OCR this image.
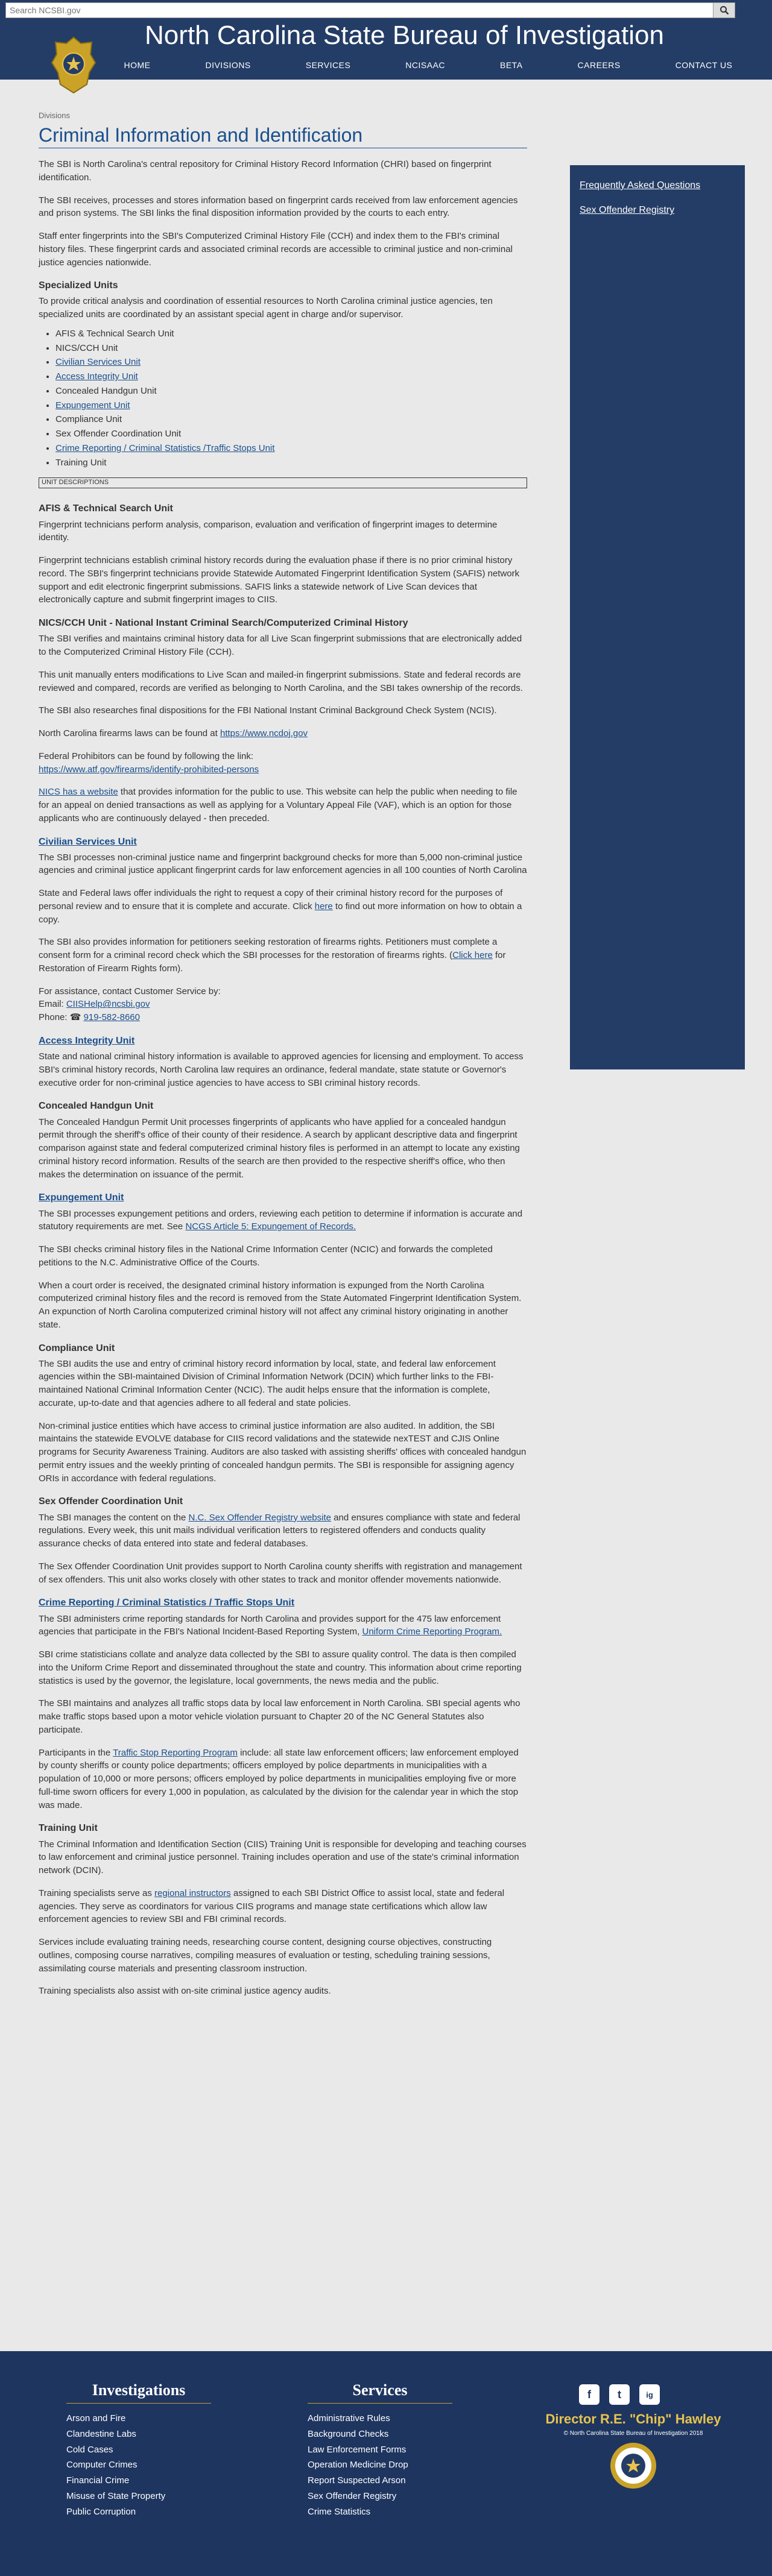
Search NCSBI.gov
North Carolina State Bureau of Investigation
HOME	DIVISIONS	SERVICES	NCISAAC	BETA	CAREERS	CONTACT US
Divisions
Criminal Information and Identification

The SBI is North Carolina's central repository for Criminal History Record Information (CHRI) based on fingerprint identification.

The SBI receives, processes and stores information based on fingerprint cards received from law enforcement agencies and prison systems. The SBI links the final disposition information provided by the courts to each entry.

Staff enter fingerprints into the SBI's Computerized Criminal History File (CCH) and index them to the FBI's criminal history files. These fingerprint cards and associated criminal records are accessible to criminal justice and non-criminal justice agencies nationwide.

Specialized Units

To provide critical analysis and coordination of essential resources to North Carolina criminal justice agencies, ten specialized units are coordinated by an assistant special agent in charge and/or supervisor.

• AFIS & Technical Search Unit
• NICS/CCH Unit
• Civilian Services Unit
• Access Integrity Unit
• Concealed Handgun Unit
• Expungement Unit
• Compliance Unit
• Sex Offender Coordination Unit
• Crime Reporting / Criminal Statistics /Traffic Stops Unit
• Training Unit
UNIT DESCRIPTIONS
AFIS & Technical Search Unit

Fingerprint technicians perform analysis, comparison, evaluation and verification of fingerprint images to determine identity.

Fingerprint technicians establish criminal history records during the evaluation phase if there is no prior criminal history record. The SBI's fingerprint technicians provide Statewide Automated Fingerprint Identification System (SAFIS) network support and edit electronic fingerprint submissions. SAFIS links a statewide network of Live Scan devices that electronically capture and submit fingerprint images to CIIS.

NICS/CCH Unit - National Instant Criminal Search/Computerized Criminal History

The SBI verifies and maintains criminal history data for all Live Scan fingerprint submissions that are electronically added to the Computerized Criminal History File (CCH).

This unit manually enters modifications to Live Scan and mailed-in fingerprint submissions. State and federal records are reviewed and compared, records are verified as belonging to North Carolina, and the SBI takes ownership of the records.

The SBI also researches final dispositions for the FBI National Instant Criminal Background Check System (NCIS).

North Carolina firearms laws can be found at https://www.ncdoj.gov

Federal Prohibitors can be found by following the link:
https://www.atf.gov/firearms/identify-prohibited-persons

NICS has a website that provides information for the public to use. This website can help the public when needing to file for an appeal on denied transactions as well as applying for a Voluntary Appeal File (VAF), which is an option for those applicants who are continuously delayed - then preceded.

Civilian Services Unit

The SBI processes non-criminal justice name and fingerprint background checks for more than 5,000 non-criminal justice agencies and criminal justice applicant fingerprint cards for law enforcement agencies in all 100 counties of North Carolina

State and Federal laws offer individuals the right to request a copy of their criminal history record for the purposes of personal review and to ensure that it is complete and accurate. Click here to find out more information on how to obtain a copy.

The SBI also provides information for petitioners seeking restoration of firearms rights. Petitioners must complete a consent form for a criminal record check which the SBI processes for the restoration of firearms rights. (Click here for Restoration of Firearm Rights form).

For assistance, contact Customer Service by:
Email: CIISHelp@ncsbi.gov
Phone: ☎ 919-582-8660
Access Integrity Unit

State and national criminal history information is available to approved agencies for licensing and employment. To access SBI's criminal history records, North Carolina law requires an ordinance, federal mandate, state statute or Governor's executive order for non-criminal justice agencies to have access to SBI criminal history records.

Concealed Handgun Unit

The Concealed Handgun Permit Unit processes fingerprints of applicants who have applied for a concealed handgun permit through the sheriff's office of their county of their residence. A search by applicant descriptive data and fingerprint comparison against state and federal computerized criminal history files is performed in an attempt to locate any existing criminal history record information. Results of the search are then provided to the respective sheriff's office, who then makes the determination on issuance of the permit.

Expungement Unit

The SBI processes expungement petitions and orders, reviewing each petition to determine if information is accurate and statutory requirements are met. See NCGS Article 5: Expungement of Records.

The SBI checks criminal history files in the National Crime Information Center (NCIC) and forwards the completed petitions to the N.C. Administrative Office of the Courts.

When a court order is received, the designated criminal history information is expunged from the North Carolina computerized criminal history files and the record is removed from the State Automated Fingerprint Identification System. An expunction of North Carolina computerized criminal history will not affect any criminal history originating in another state.

Compliance Unit

The SBI audits the use and entry of criminal history record information by local, state, and federal law enforcement agencies within the SBI-maintained Division of Criminal Information Network (DCIN) which further links to the FBI-maintained National Criminal Information Center (NCIC). The audit helps ensure that the information is complete, accurate, up-to-date and that agencies adhere to all federal and state policies.

Non-criminal justice entities which have access to criminal justice information are also audited. In addition, the SBI maintains the statewide EVOLVE database for CIIS record validations and the statewide nexTEST and CJIS Online programs for Security Awareness Training. Auditors are also tasked with assisting sheriffs' offices with concealed handgun permit entry issues and the weekly printing of concealed handgun permits. The SBI is responsible for assigning agency ORIs in accordance with federal regulations.

Sex Offender Coordination Unit

The SBI manages the content on the N.C. Sex Offender Registry website and ensures compliance with state and federal regulations. Every week, this unit mails individual verification letters to registered offenders and conducts quality assurance checks of data entered into state and federal databases.

The Sex Offender Coordination Unit provides support to North Carolina county sheriffs with registration and management of sex offenders. This unit also works closely with other states to track and monitor offender movements nationwide.

Crime Reporting / Criminal Statistics / Traffic Stops Unit

The SBI administers crime reporting standards for North Carolina and provides support for the 475 law enforcement agencies that participate in the FBI's National Incident-Based Reporting System, Uniform Crime Reporting Program.

SBI crime statisticians collate and analyze data collected by the SBI to assure quality control. The data is then compiled into the Uniform Crime Report and disseminated throughout the state and country. This information about crime reporting statistics is used by the governor, the legislature, local governments, the news media and the public.

The SBI maintains and analyzes all traffic stops data by local law enforcement in North Carolina. SBI special agents who make traffic stops based upon a motor vehicle violation pursuant to Chapter 20 of the NC General Statutes also participate.

Participants in the Traffic Stop Reporting Program include: all state law enforcement officers; law enforcement employed by county sheriffs or county police departments; officers employed by police departments in municipalities with a population of 10,000 or more persons; officers employed by police departments in municipalities employing five or more full-time sworn officers for every 1,000 in population, as calculated by the division for the calendar year in which the stop was made.

Training Unit

The Criminal Information and Identification Section (CIIS) Training Unit is responsible for developing and teaching courses to law enforcement and criminal justice personnel. Training includes operation and use of the state's criminal information network (DCIN).

Training specialists serve as regional instructors assigned to each SBI District Office to assist local, state and federal agencies. They serve as coordinators for various CIIS programs and manage state certifications which allow law enforcement agencies to review SBI and FBI criminal records.

Services include evaluating training needs, researching course content, designing course objectives, constructing outlines, composing course narratives, compiling measures of evaluation or testing, scheduling training sessions, assimilating course materials and presenting classroom instruction.

Training specialists also assist with on-site criminal justice agency audits.

Frequently Asked Questions
Sex Offender Registry
Investigations
Arson and Fire
Clandestine Labs
Cold Cases
Computer Crimes
Financial Crime
Misuse of State Property
Public Corruption
Services
Administrative Rules
Background Checks
Law Enforcement Forms
Operation Medicine Drop
Report Suspected Arson
Sex Offender Registry
Crime Statistics
f	t	ig
Director R.E. "Chip" Hawley
© North Carolina State Bureau of Investigation 2018
